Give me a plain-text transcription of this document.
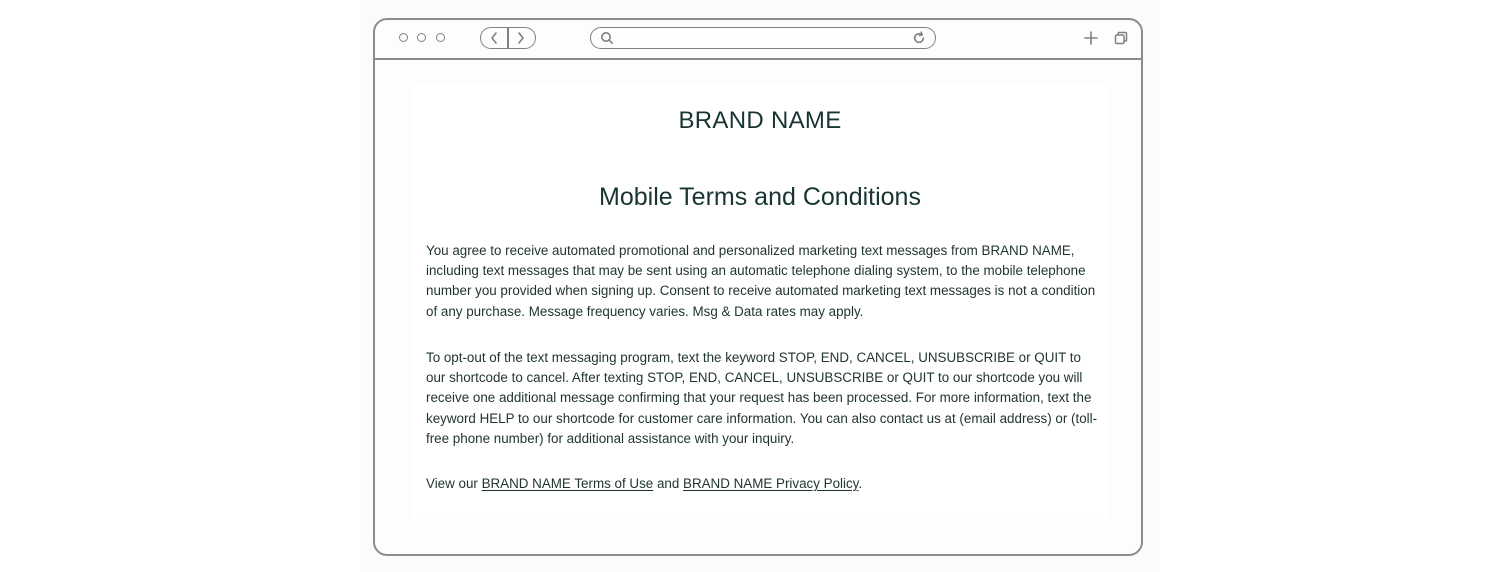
BRAND NAME
Mobile Terms and Conditions
You agree to receive automated promotional and personalized marketing text messages from BRAND NAME, including text messages that may be sent using an automatic telephone dialing system, to the mobile telephone number you provided when signing up. Consent to receive automated marketing text messages is not a condition of any purchase. Message frequency varies. Msg & Data rates may apply.
To opt-out of the text messaging program, text the keyword STOP, END, CANCEL, UNSUBSCRIBE or QUIT to our shortcode to cancel. After texting STOP, END, CANCEL, UNSUBSCRIBE or QUIT to our shortcode you will receive one additional message confirming that your request has been processed. For more information, text the keyword HELP to our shortcode for customer care information. You can also contact us at (email address) or (toll-free phone number) for additional assistance with your inquiry.
View our BRAND NAME Terms of Use and BRAND NAME Privacy Policy.
